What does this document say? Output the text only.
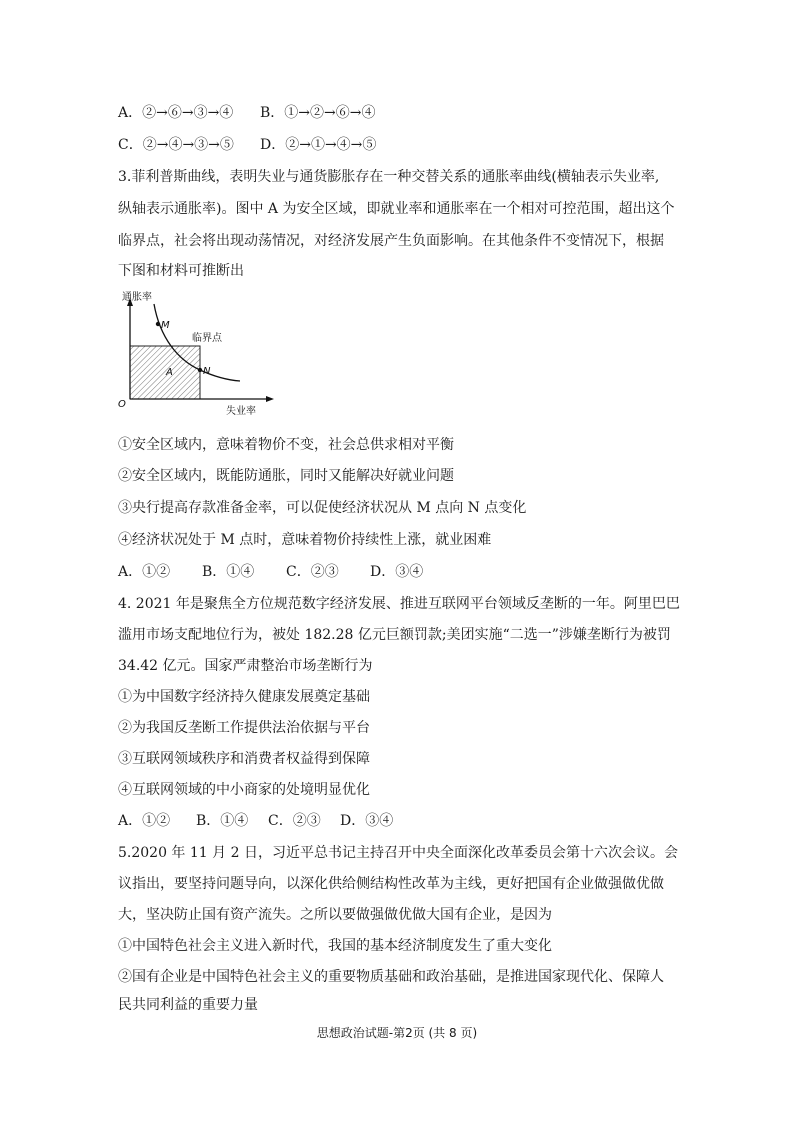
A．②→⑥→③→④ B．①→②→⑥→④
C．②→④→③→⑤ D．②→①→④→⑤
3.菲利普斯曲线，表明失业与通货膨胀存在一种交替关系的通胀率曲线(横轴表示失业率,
纵轴表示通胀率)。图中 A 为安全区域，即就业率和通胀率在一个相对可控范围，超出这个
临界点，社会将出现动荡情况，对经济发展产生负面影响。在其他条件不变情况下，根据
下图和材料可推断出
通胀率
失业率
O
M
N
A
临界点
①安全区域内，意味着物价不变，社会总供求相对平衡
②安全区域内，既能防通胀，同时又能解决好就业问题
③央行提高存款准备金率，可以促使经济状况从 M 点向 N 点变化
④经济状况处于 M 点时，意味着物价持续性上涨，就业困难
A．①② B．①④ C．②③ D．③④
4. 2021 年是聚焦全方位规范数字经济发展、推进互联网平台领域反垄断的一年。阿里巴巴
滥用市场支配地位行为，被处 182.28 亿元巨额罚款;美团实施“二选一”涉嫌垄断行为被罚
34.42 亿元。国家严肃整治市场垄断行为
①为中国数字经济持久健康发展奠定基础
②为我国反垄断工作提供法治依据与平台
③互联网领域秩序和消费者权益得到保障
④互联网领域的中小商家的处境明显优化
A．①② B．①④ C．②③ D．③④
5.2020 年 11 月 2 日，习近平总书记主持召开中央全面深化改革委员会第十六次会议。会
议指出，要坚持问题导向，以深化供给侧结构性改革为主线，更好把国有企业做强做优做
大，坚决防止国有资产流失。之所以要做强做优做大国有企业，是因为
①中国特色社会主义进入新时代，我国的基本经济制度发生了重大变化
②国有企业是中国特色社会主义的重要物质基础和政治基础，是推进国家现代化、保障人
民共同利益的重要力量
思想政治试题-第2页 (共 8 页)
